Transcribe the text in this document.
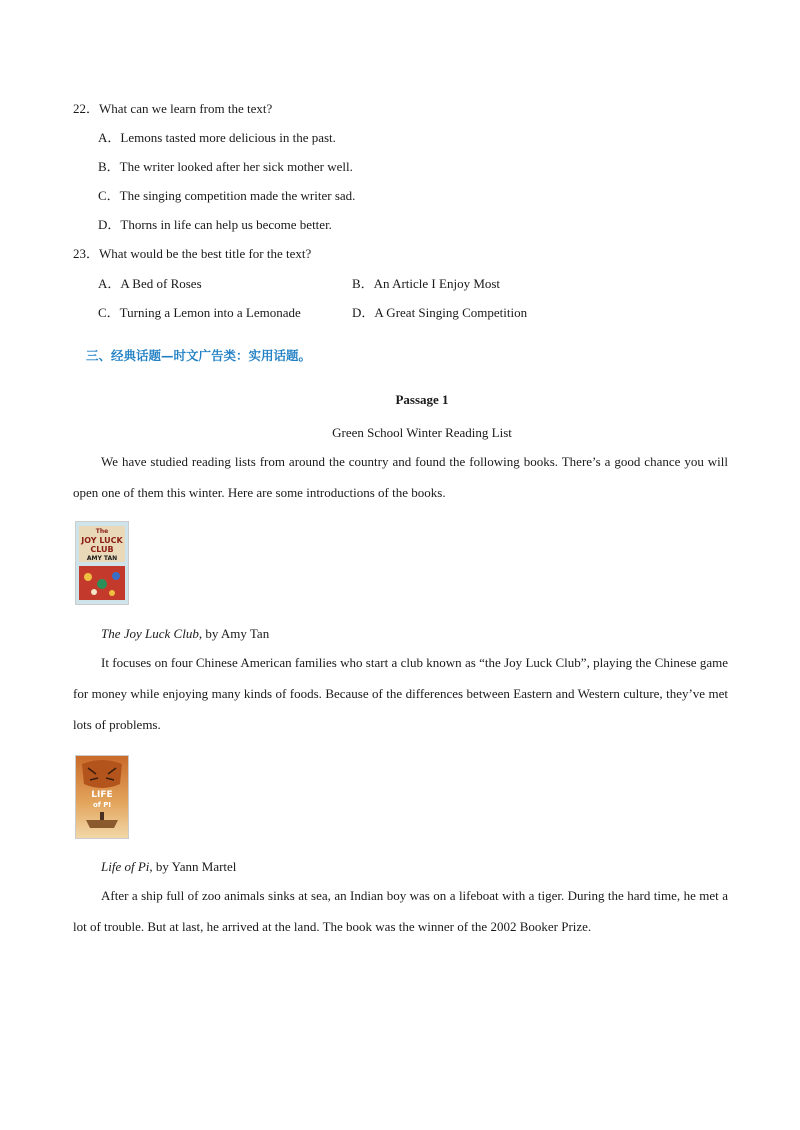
22．What can we learn from the text?
A．Lemons tasted more delicious in the past.
B．The writer looked after her sick mother well.
C．The singing competition made the writer sad.
D．Thorns in life can help us become better.
23．What would be the best title for the text?
A．A Bed of Roses	B．An Article I Enjoy Most
C．Turning a Lemon into a Lemonade	D．A Great Singing Competition
三、经典话题—时文广告类：实用话题。
Passage 1
Green School Winter Reading List
We have studied reading lists from around the country and found the following books. There’s a good chance you will open one of them this winter. Here are some introductions of the books.
The
JOY LUCK
CLUB
AMY TAN
The Joy Luck Club, by Amy Tan
It focuses on four Chinese American families who start a club known as “the Joy Luck Club”, playing the Chinese game for money while enjoying many kinds of foods. Because of the differences between Eastern and Western culture, they’ve met lots of problems.
LIFE
of PI
Life of Pi, by Yann Martel
After a ship full of zoo animals sinks at sea, an Indian boy was on a lifeboat with a tiger. During the hard time, he met a lot of trouble. But at last, he arrived at the land. The book was the winner of the 2002 Booker Prize.
